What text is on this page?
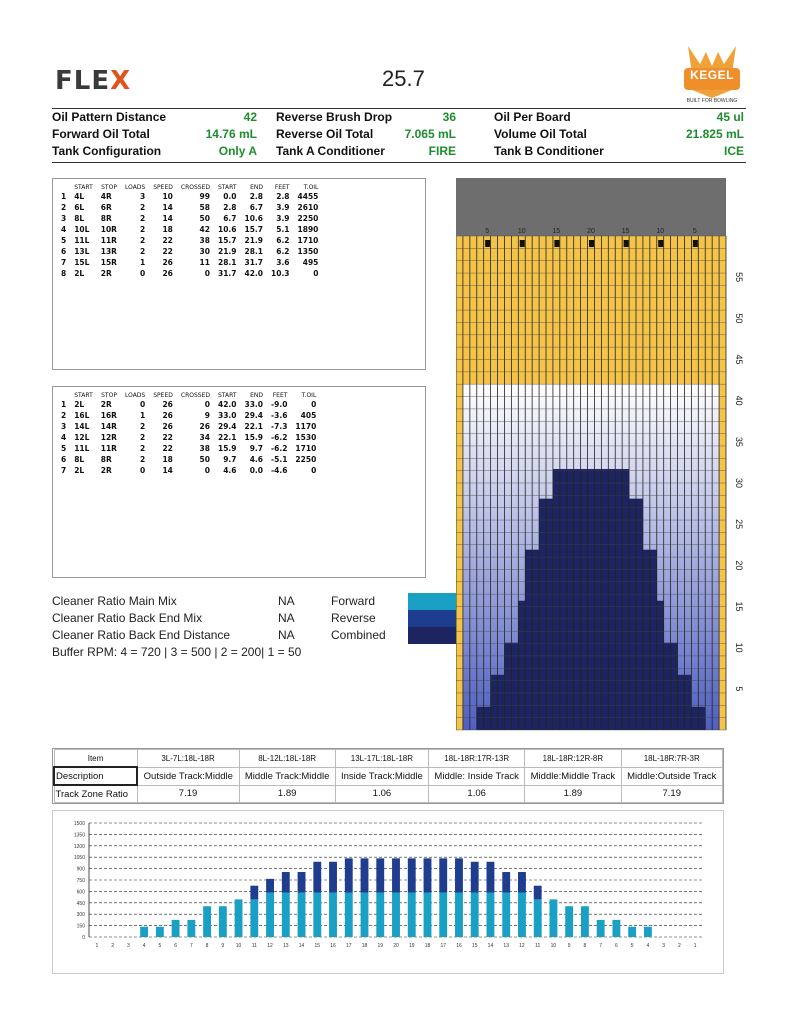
FLEX	25.7	KEGEL
BUILT FOR BOWLING
Oil Pattern Distance	42
Forward Oil Total	14.76 mL
Tank Configuration	Only A
Reverse Brush Drop	36
Reverse Oil Total	7.065 mL
Tank A Conditioner	FIRE
Oil Per Board	45 ul
Volume Oil Total	21.825 mL
Tank B Conditioner	ICE
	START	STOP	LOADS	SPEED	CROSSED	START	END	FEET	T.OIL
1	4L	4R	3	10	99	0.0	2.8	2.8	4455
2	6L	6R	2	14	58	2.8	6.7	3.9	2610
3	8L	8R	2	14	50	6.7	10.6	3.9	2250
4	10L	10R	2	18	42	10.6	15.7	5.1	1890
5	11L	11R	2	22	38	15.7	21.9	6.2	1710
6	13L	13R	2	22	30	21.9	28.1	6.2	1350
7	15L	15R	1	26	11	28.1	31.7	3.6	495
8	2L	2R	0	26	0	31.7	42.0	10.3	0
	START	STOP	LOADS	SPEED	CROSSED	START	END	FEET	T.OIL
1	2L	2R	0	26	0	42.0	33.0	-9.0	0
2	16L	16R	1	26	9	33.0	29.4	-3.6	405
3	14L	14R	2	26	26	29.4	22.1	-7.3	1170
4	12L	12R	2	22	34	22.1	15.9	-6.2	1530
5	11L	11R	2	22	38	15.9	9.7	-6.2	1710
6	8L	8R	2	18	50	9.7	4.6	-5.1	2250
7	2L	2R	0	14	0	4.6	0.0	-4.6	0
Cleaner Ratio Main Mix	NA	Forward
Cleaner Ratio Back End Mix	NA	Reverse
Cleaner Ratio Back End Distance	NA	Combined
Buffer RPM: 4 = 720 | 3 = 500 | 2 = 200| 1 = 50
5	10	15	20	15	10	5
55
50
45
40
35
30
25
20
15
10
5
Item	3L-7L:18L-18R	8L-12L:18L-18R	13L-17L:18L-18R	18L-18R:17R-13R	18L-18R:12R-8R	18L-18R:7R-3R
Description	Outside Track:Middle	Middle Track:Middle	Inside Track:Middle	Middle: Inside Track	Middle:Middle Track	Middle:Outside Track
Track Zone Ratio	7.19	1.89	1.06	1.06	1.89	7.19
0
150
300
450
600
750
900
1050
1200
1350
1500
1	2	3	4	5	6	7	8	9 10 11 12 13 14 15 16 17 18 19 20 19 18 17 16 15 14 13 12 11 10 9	8	7	6	5	4	3	2	1
